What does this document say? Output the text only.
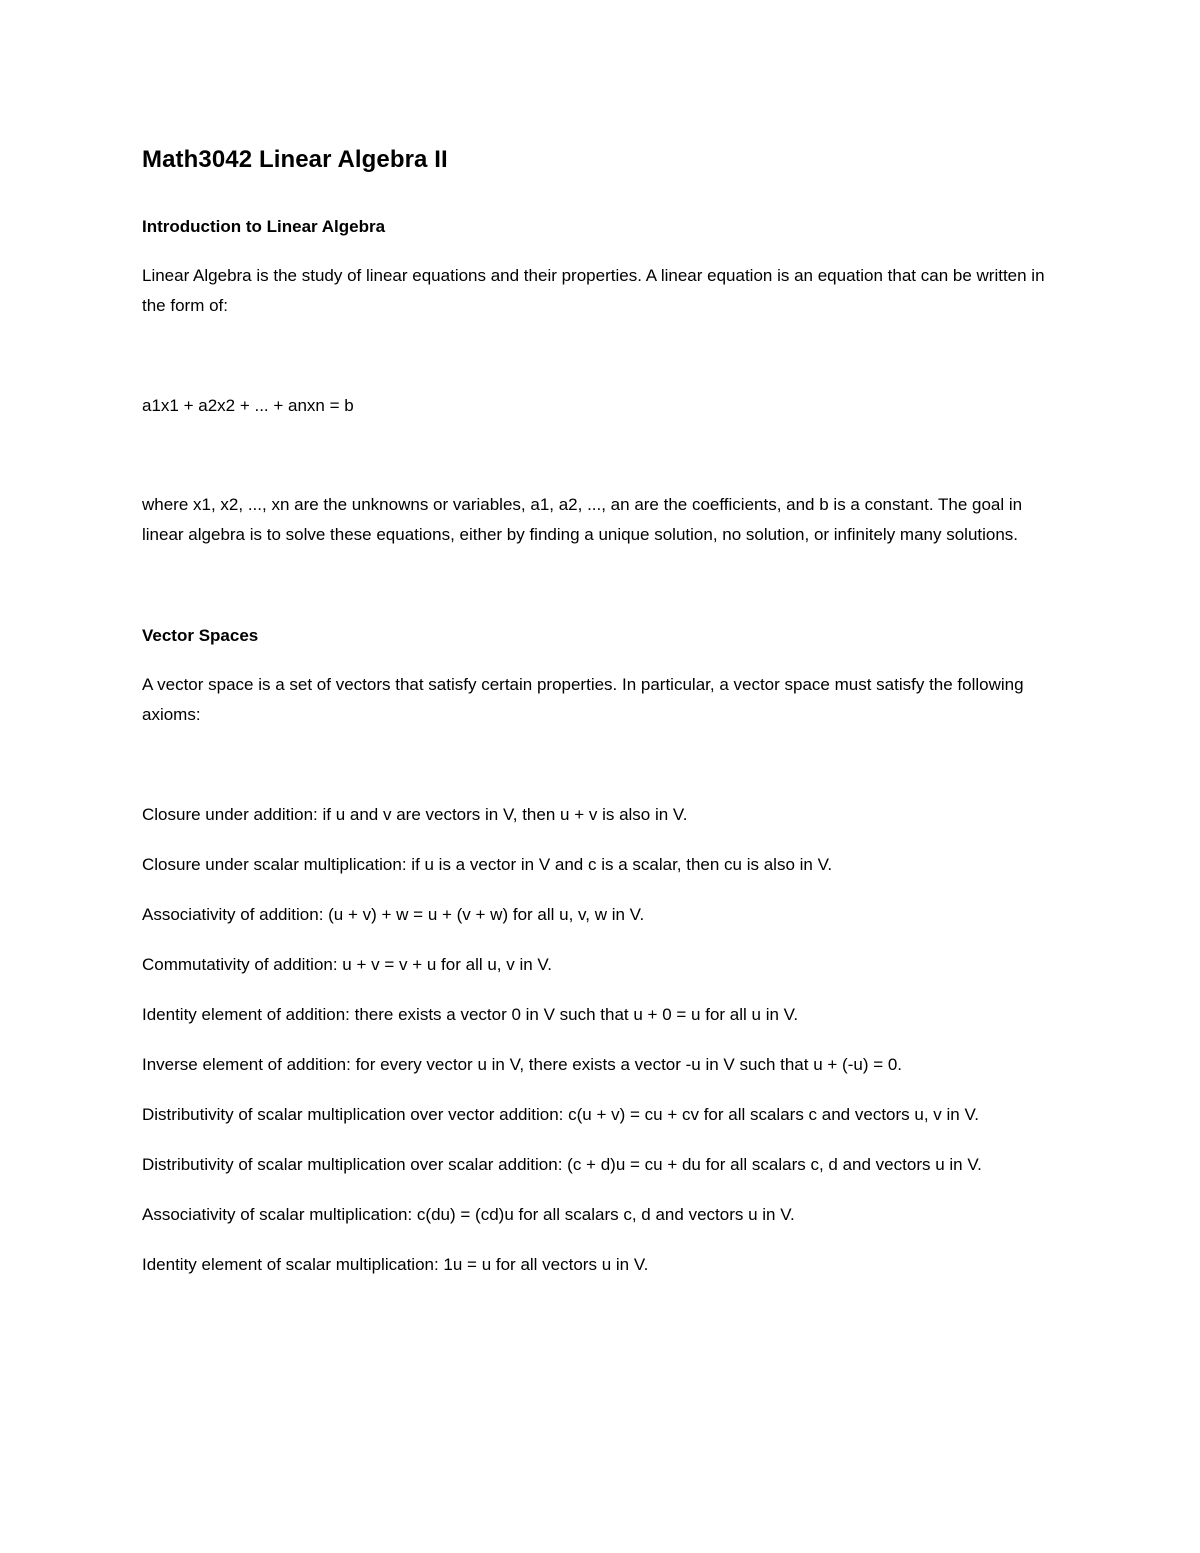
Math3042 Linear Algebra II
Introduction to Linear Algebra

Linear Algebra is the study of linear equations and their properties. A linear equation is an equation that can be written in the form of:

a1x1 + a2x2 + ... + anxn = b

where x1, x2, ..., xn are the unknowns or variables, a1, a2, ..., an are the coefficients, and b is a constant. The goal in linear algebra is to solve these equations, either by finding a unique solution, no solution, or infinitely many solutions.

Vector Spaces

A vector space is a set of vectors that satisfy certain properties. In particular, a vector space must satisfy the following axioms:

Closure under addition: if u and v are vectors in V, then u + v is also in V.

Closure under scalar multiplication: if u is a vector in V and c is a scalar, then cu is also in V.

Associativity of addition: (u + v) + w = u + (v + w) for all u, v, w in V.

Commutativity of addition: u + v = v + u for all u, v in V.

Identity element of addition: there exists a vector 0 in V such that u + 0 = u for all u in V.

Inverse element of addition: for every vector u in V, there exists a vector -u in V such that u + (-u) = 0.

Distributivity of scalar multiplication over vector addition: c(u + v) = cu + cv for all scalars c and vectors u, v in V.

Distributivity of scalar multiplication over scalar addition: (c + d)u = cu + du for all scalars c, d and vectors u in V.

Associativity of scalar multiplication: c(du) = (cd)u for all scalars c, d and vectors u in V.

Identity element of scalar multiplication: 1u = u for all vectors u in V.
